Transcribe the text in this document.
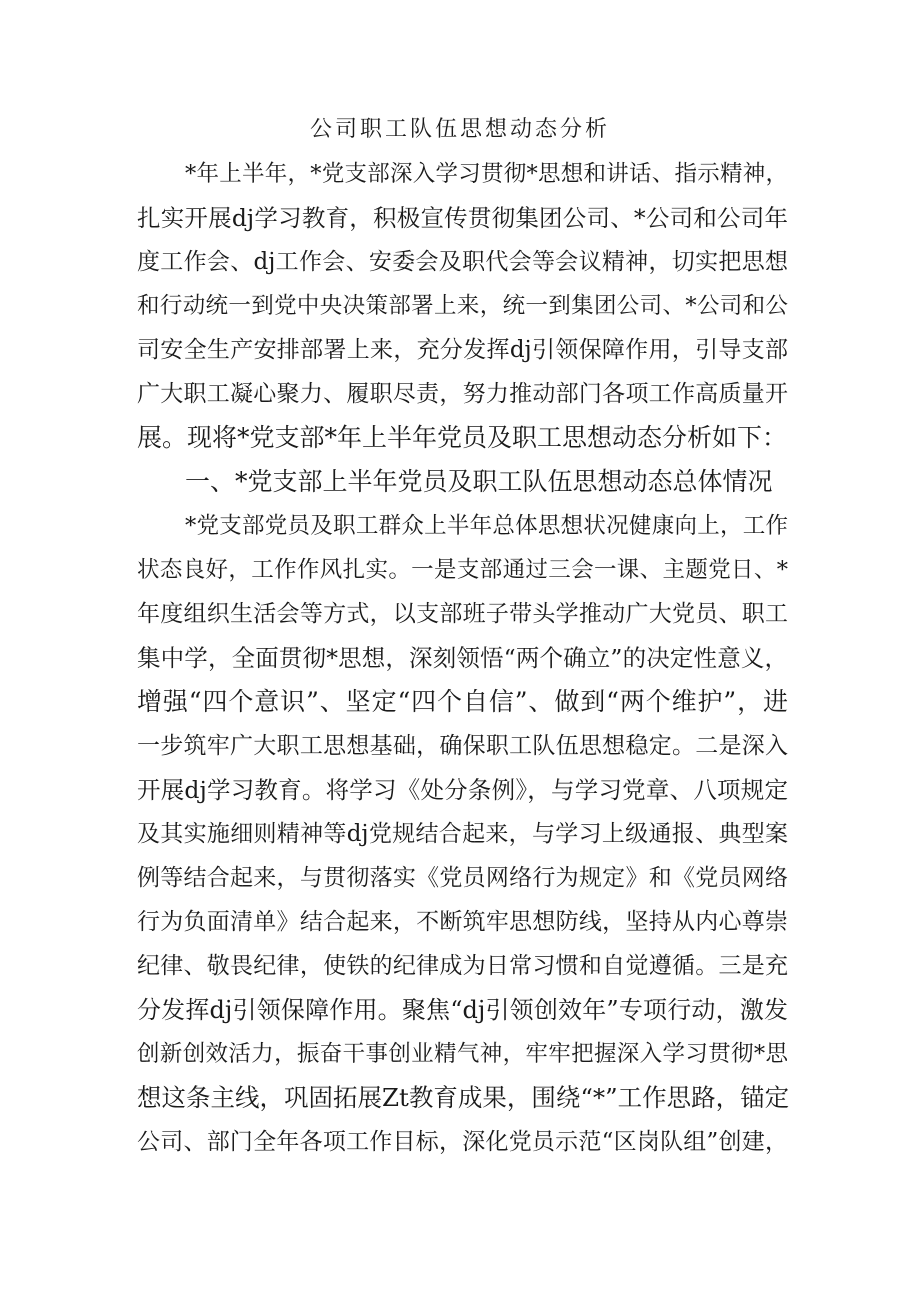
公司职工队伍思想动态分析
*年上半年，*党支部深入学习贯彻*思想和讲话、指示精神，
扎实开展dj学习教育，积极宣传贯彻集团公司、*公司和公司年
度工作会、dj工作会、安委会及职代会等会议精神，切实把思想
和行动统一到党中央决策部署上来，统一到集团公司、*公司和公
司安全生产安排部署上来，充分发挥dj引领保障作用，引导支部
广大职工凝心聚力、履职尽责，努力推动部门各项工作高质量开
展。现将*党支部*年上半年党员及职工思想动态分析如下：
一、*党支部上半年党员及职工队伍思想动态总体情况
*党支部党员及职工群众上半年总体思想状况健康向上，工作
状态良好，工作作风扎实。一是支部通过三会一课、主题党日、*
年度组织生活会等方式，以支部班子带头学推动广大党员、职工
集中学，全面贯彻*思想，深刻领悟“两个确立”的决定性意义，
增强“四个意识”、坚定“四个自信”、做到“两个维护”，进
一步筑牢广大职工思想基础，确保职工队伍思想稳定。二是深入
开展dj学习教育。将学习《处分条例》，与学习党章、八项规定
及其实施细则精神等dj党规结合起来，与学习上级通报、典型案
例等结合起来，与贯彻落实《党员网络行为规定》和《党员网络
行为负面清单》结合起来，不断筑牢思想防线，坚持从内心尊崇
纪律、敬畏纪律，使铁的纪律成为日常习惯和自觉遵循。三是充
分发挥dj引领保障作用。聚焦“dj引领创效年”专项行动，激发
创新创效活力，振奋干事创业精气神，牢牢把握深入学习贯彻*思
想这条主线，巩固拓展Zt教育成果，围绕“*”工作思路，锚定
公司、部门全年各项工作目标，深化党员示范“区岗队组”创建，
